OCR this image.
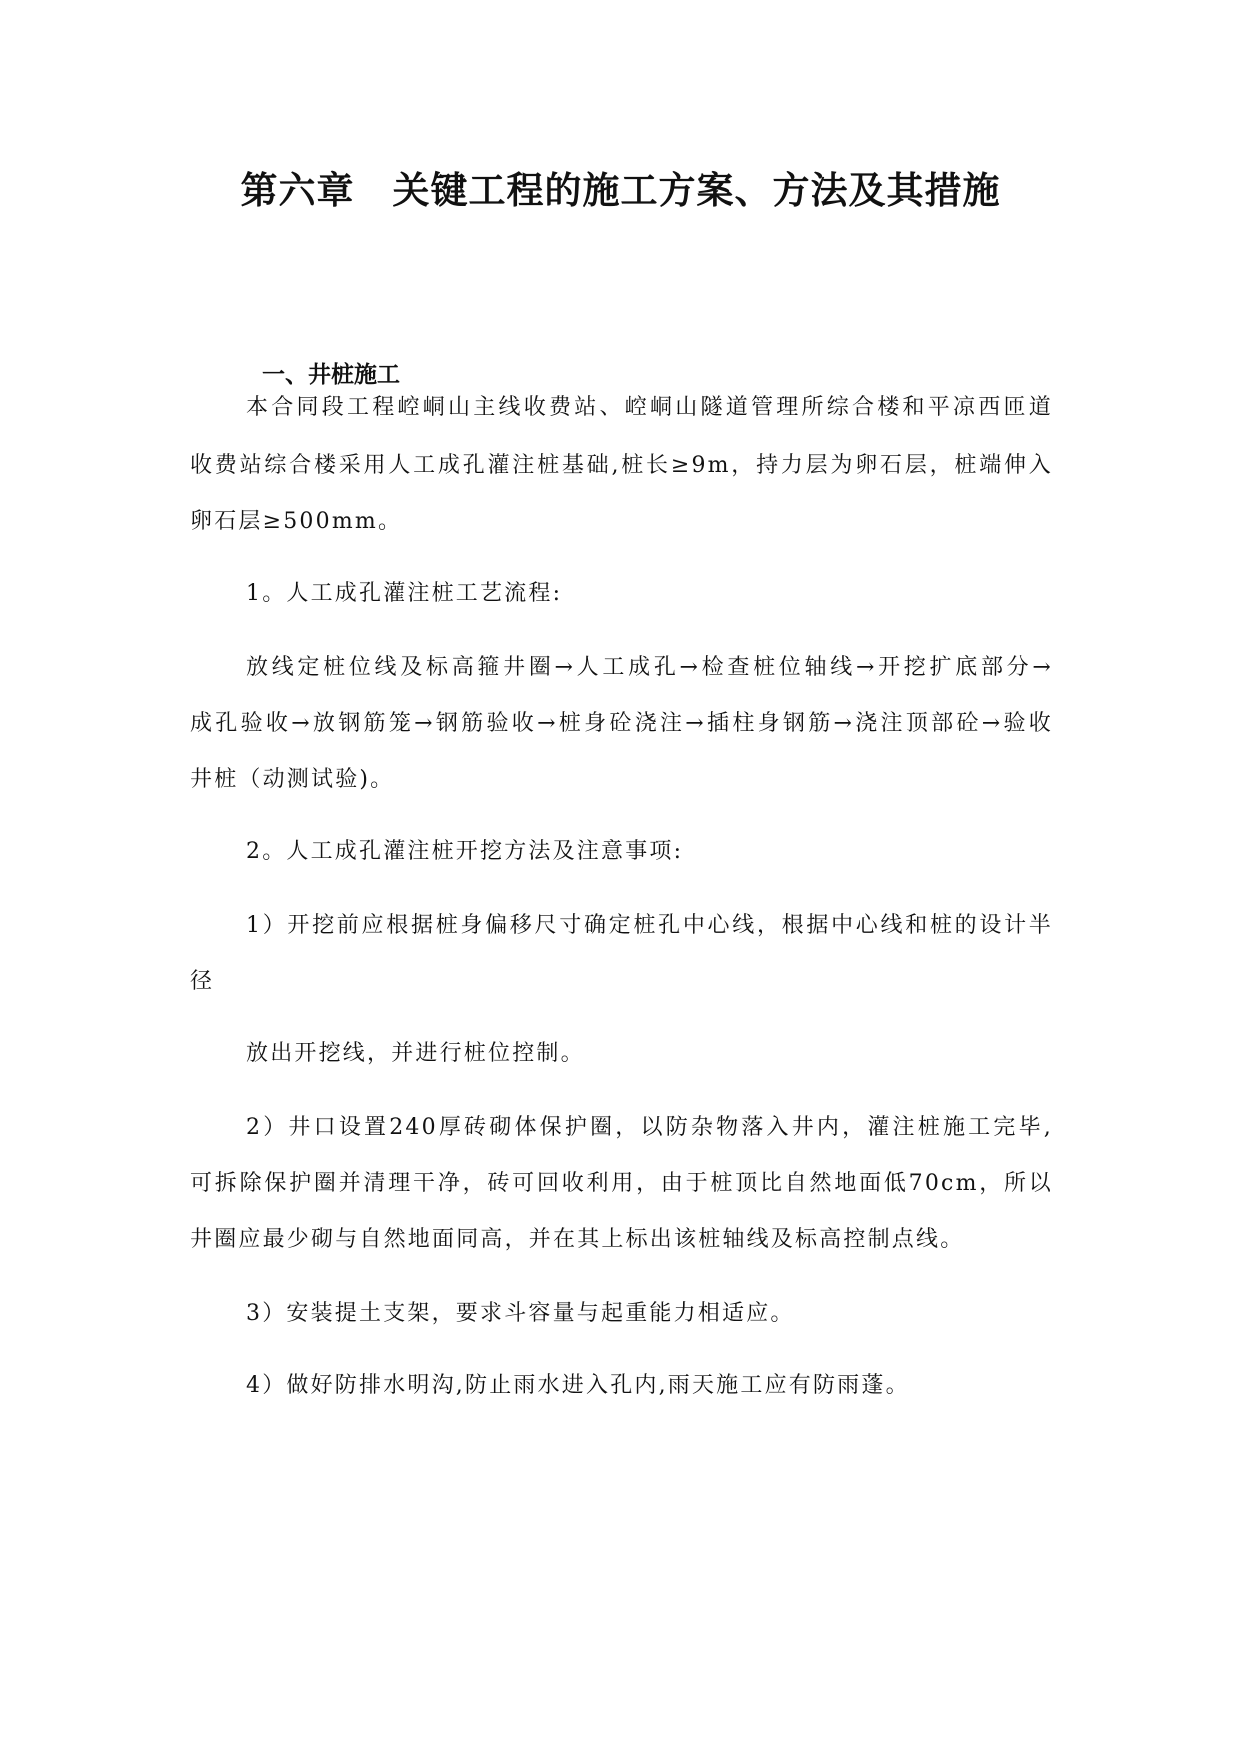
第六章　关键工程的施工方案、方法及其措施
一、井桩施工

本合同段工程崆峒山主线收费站、崆峒山隧道管理所综合楼和平凉西匝道

收费站综合楼采用人工成孔灌注桩基础,桩长≥9m，持力层为卵石层，桩端伸入

卵石层≥500mm。

1。人工成孔灌注桩工艺流程:

放线定桩位线及标高箍井圈→人工成孔→检查桩位轴线→开挖扩底部分→

成孔验收→放钢筋笼→钢筋验收→桩身砼浇注→插柱身钢筋→浇注顶部砼→验收

井桩（动测试验)。

2。人工成孔灌注桩开挖方法及注意事项:

1）开挖前应根据桩身偏移尺寸确定桩孔中心线，根据中心线和桩的设计半

径

放出开挖线，并进行桩位控制。

2）井口设置240厚砖砌体保护圈，以防杂物落入井内，灌注桩施工完毕,

可拆除保护圈并清理干净，砖可回收利用，由于桩顶比自然地面低70cm，所以

井圈应最少砌与自然地面同高，并在其上标出该桩轴线及标高控制点线。

3）安装提土支架，要求斗容量与起重能力相适应。

4）做好防排水明沟,防止雨水进入孔内,雨天施工应有防雨蓬。
